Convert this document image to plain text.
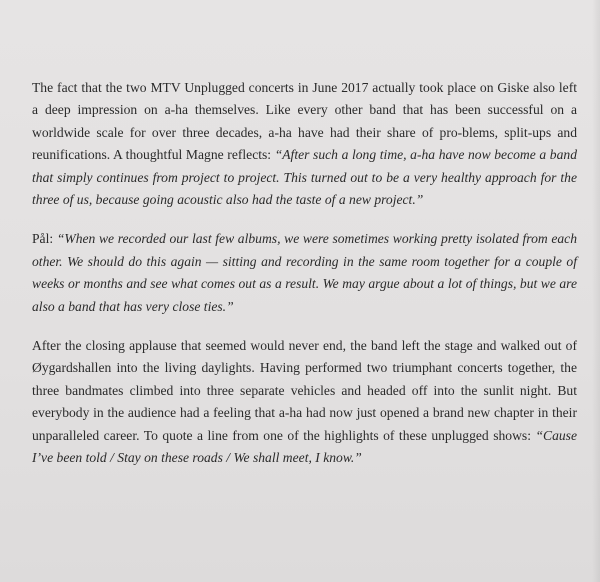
The fact that the two MTV Unplugged concerts in June 2017 actually took place on Giske also left a deep impression on a-ha themselves. Like every other band that has been successful on a worldwide scale for over three decades, a-ha have had their share of pro-blems, split-ups and reunifications. A thoughtful Magne reflects: “After such a long time, a-ha have now become a band that simply continues from project to project. This turned out to be a very healthy approach for the three of us, because going acoustic also had the taste of a new project.”

Pål: “When we recorded our last few albums, we were sometimes working pretty isolated from each other. We should do this again — sitting and recording in the same room together for a couple of weeks or months and see what comes out as a result. We may argue about a lot of things, but we are also a band that has very close ties.”

After the closing applause that seemed would never end, the band left the stage and walked out of Øygardshallen into the living daylights. Having performed two triumphant concerts together, the three bandmates climbed into three separate vehicles and headed off into the sunlit night. But everybody in the audience had a feeling that a-ha had now just opened a brand new chapter in their unparalleled career. To quote a line from one of the highlights of these unplugged shows: “Cause I’ve been told / Stay on these roads / We shall meet, I know.”
